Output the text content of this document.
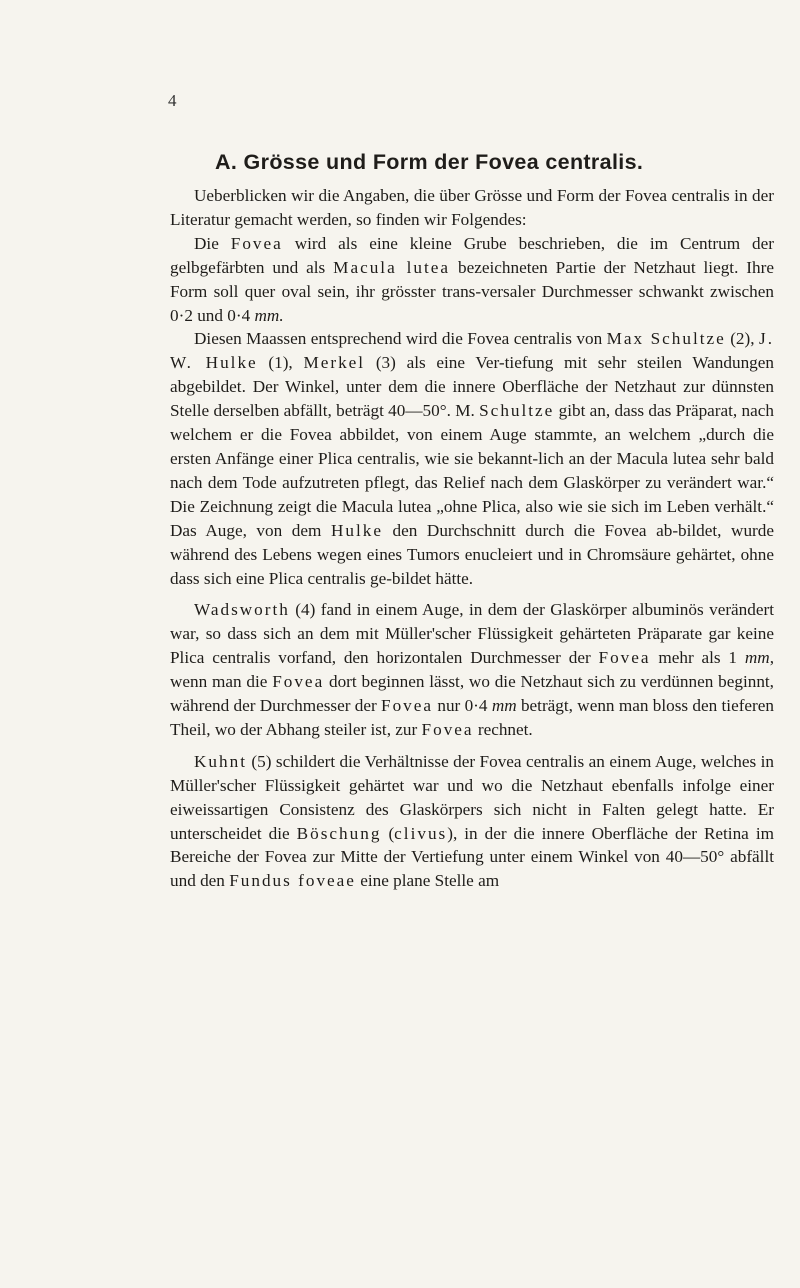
4
A. Grösse und Form der Fovea centralis.

Ueberblicken wir die Angaben, die über Grösse und Form der Fovea centralis in der Literatur gemacht werden, so finden wir Folgendes:

Die Fovea wird als eine kleine Grube beschrieben, die im Centrum der gelbgefärbten und als Macula lutea bezeichneten Partie der Netzhaut liegt. Ihre Form soll quer oval sein, ihr grösster trans-versaler Durchmesser schwankt zwischen 0·2 und 0·4 mm.

Diesen Maassen entsprechend wird die Fovea centralis von Max Schultze (2), J. W. Hulke (1), Merkel (3) als eine Ver-tiefung mit sehr steilen Wandungen abgebildet. Der Winkel, unter dem die innere Oberfläche der Netzhaut zur dünnsten Stelle derselben abfällt, beträgt 40—50°. M. Schultze gibt an, dass das Präparat, nach welchem er die Fovea abbildet, von einem Auge stammte, an welchem „durch die ersten Anfänge einer Plica centralis, wie sie bekannt-lich an der Macula lutea sehr bald nach dem Tode aufzutreten pflegt, das Relief nach dem Glaskörper zu verändert war.“ Die Zeichnung zeigt die Macula lutea „ohne Plica, also wie sie sich im Leben verhält.“ Das Auge, von dem Hulke den Durchschnitt durch die Fovea ab-bildet, wurde während des Lebens wegen eines Tumors enucleiert und in Chromsäure gehärtet, ohne dass sich eine Plica centralis ge-bildet hätte.

Wadsworth (4) fand in einem Auge, in dem der Glaskörper albuminös verändert war, so dass sich an dem mit Müller'scher Flüssigkeit gehärteten Präparate gar keine Plica centralis vorfand, den horizontalen Durchmesser der Fovea mehr als 1 mm, wenn man die Fovea dort beginnen lässt, wo die Netzhaut sich zu verdünnen beginnt, während der Durchmesser der Fovea nur 0·4 mm beträgt, wenn man bloss den tieferen Theil, wo der Abhang steiler ist, zur Fovea rechnet.

Kuhnt (5) schildert die Verhältnisse der Fovea centralis an einem Auge, welches in Müller'scher Flüssigkeit gehärtet war und wo die Netzhaut ebenfalls infolge einer eiweissartigen Consistenz des Glaskörpers sich nicht in Falten gelegt hatte. Er unterscheidet die Böschung (clivus), in der die innere Oberfläche der Retina im Bereiche der Fovea zur Mitte der Vertiefung unter einem Winkel von 40—50° abfällt und den Fundus foveae eine plane Stelle am
